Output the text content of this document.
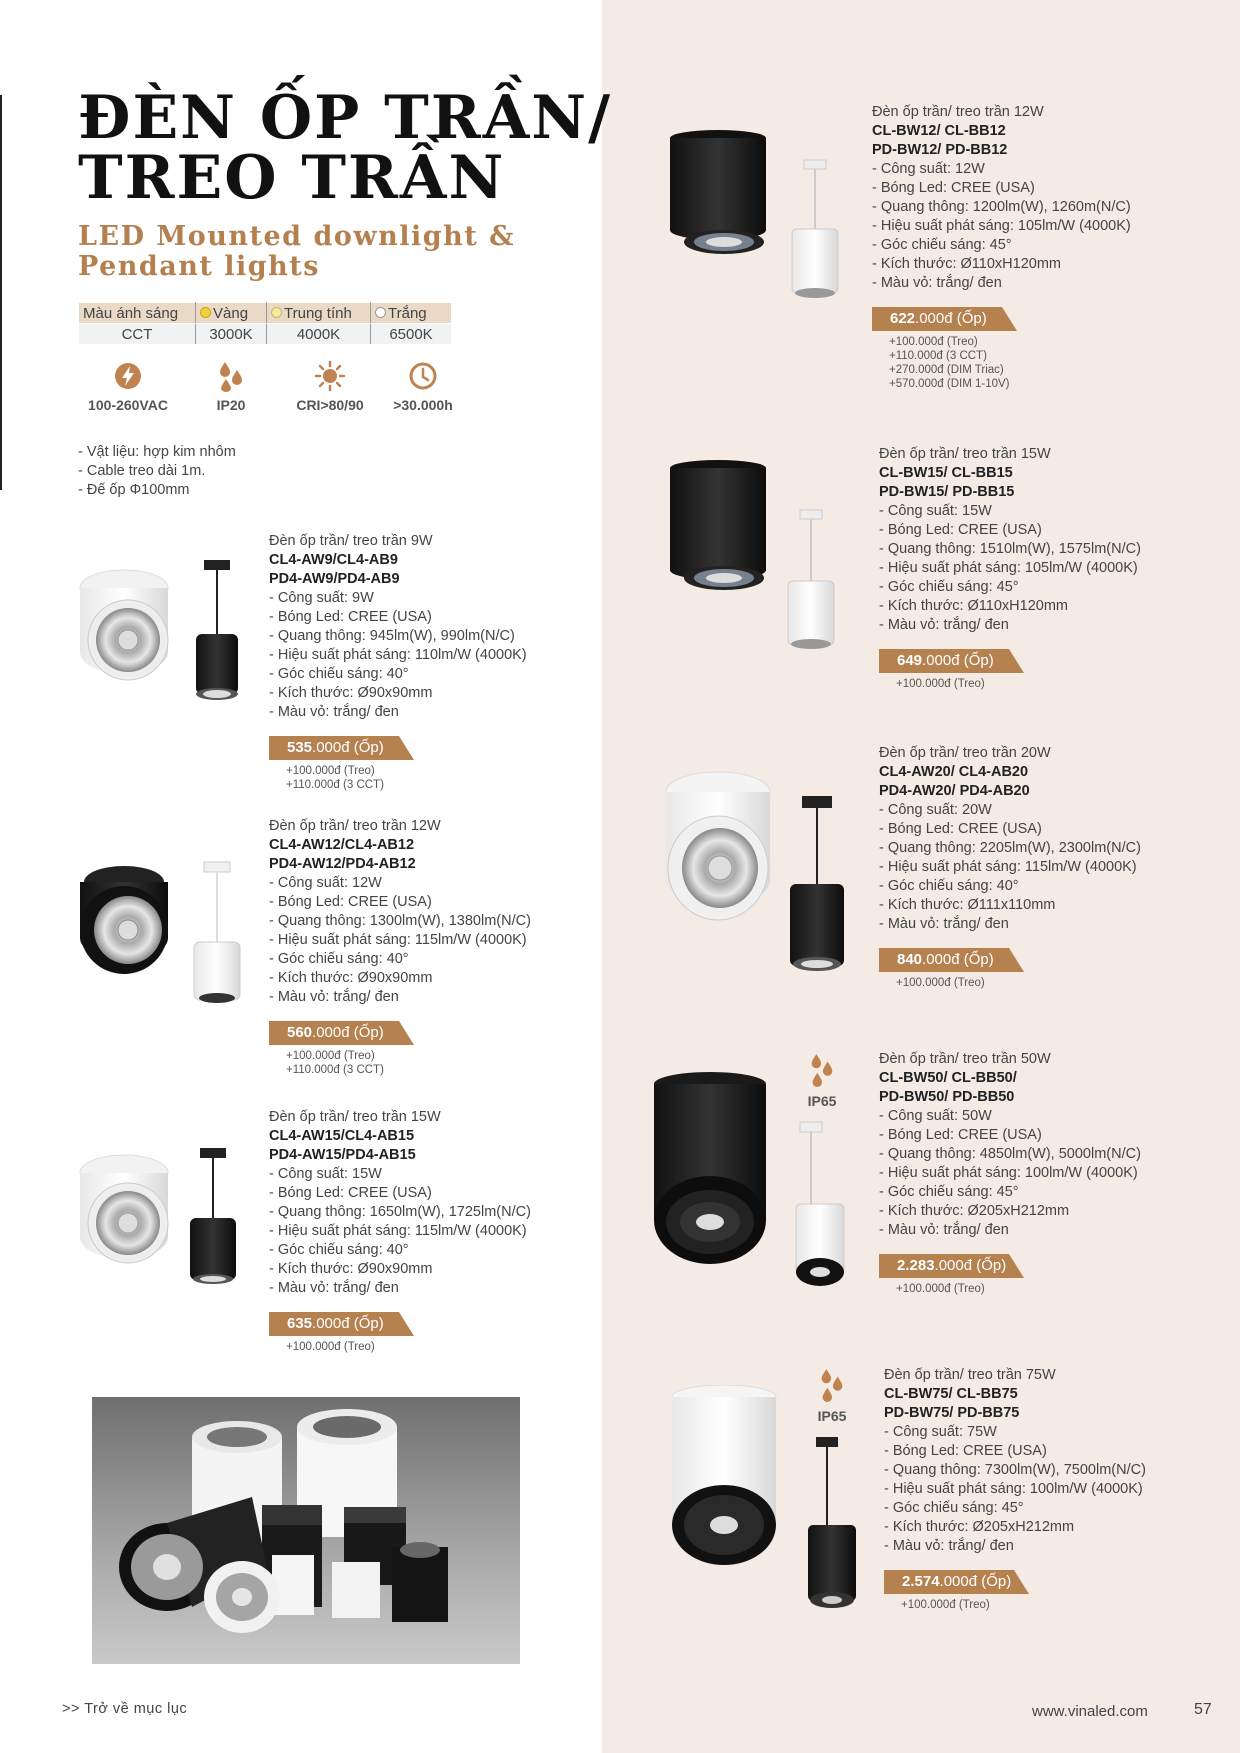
ĐÈN ỐP TRẦN/
TREO TRẦN
LED Mounted downlight &
Pendant lights
Màu ánh sáng	Vàng	Trung tính	Trắng
CCT	3000K	4000K	6500K
100-260VAC	IP20	CRI>80/90	>30.000h
- Vật liệu: hợp kim nhôm
- Cable treo dài 1m.
- Đế ốp Φ100mm
IP65
IP65
Đèn ốp trần/ treo trần 9W
CL4-AW9/CL4-AB9
PD4-AW9/PD4-AB9
- Công suất: 9W
- Bóng Led: CREE (USA)
- Quang thông: 945lm(W), 990lm(N/C)
- Hiệu suất phát sáng: 110lm/W (4000K)
- Góc chiếu sáng: 40°
- Kích thước: Ø90x90mm
- Màu vỏ: trắng/ đen
535.000đ (Ốp)
+100.000đ (Treo)
+110.000đ (3 CCT)
Đèn ốp trần/ treo trần 12W
CL4-AW12/CL4-AB12
PD4-AW12/PD4-AB12
- Công suất: 12W
- Bóng Led: CREE (USA)
- Quang thông: 1300lm(W), 1380lm(N/C)
- Hiệu suất phát sáng: 115lm/W (4000K)
- Góc chiếu sáng: 40°
- Kích thước: Ø90x90mm
- Màu vỏ: trắng/ đen
560.000đ (Ốp)
+100.000đ (Treo)
+110.000đ (3 CCT)
Đèn ốp trần/ treo trần 15W
CL4-AW15/CL4-AB15
PD4-AW15/PD4-AB15
- Công suất: 15W
- Bóng Led: CREE (USA)
- Quang thông: 1650lm(W), 1725lm(N/C)
- Hiệu suất phát sáng: 115lm/W (4000K)
- Góc chiếu sáng: 40°
- Kích thước: Ø90x90mm
- Màu vỏ: trắng/ đen
635.000đ (Ốp)
+100.000đ (Treo)
Đèn ốp trần/ treo trần 12W
CL-BW12/ CL-BB12
PD-BW12/ PD-BB12
- Công suất: 12W
- Bóng Led: CREE (USA)
- Quang thông: 1200lm(W), 1260m(N/C)
- Hiệu suất phát sáng: 105lm/W (4000K)
- Góc chiếu sáng: 45°
- Kích thước: Ø110xH120mm
- Màu vỏ: trắng/ đen
622.000đ (Ốp)
+100.000đ (Treo)
+110.000đ (3 CCT)
+270.000đ (DIM Triac)
+570.000đ (DIM 1-10V)
Đèn ốp trần/ treo trần 15W
CL-BW15/ CL-BB15
PD-BW15/ PD-BB15
- Công suất: 15W
- Bóng Led: CREE (USA)
- Quang thông: 1510lm(W), 1575lm(N/C)
- Hiệu suất phát sáng: 105lm/W (4000K)
- Góc chiếu sáng: 45°
- Kích thước: Ø110xH120mm
- Màu vỏ: trắng/ đen
649.000đ (Ốp)
+100.000đ (Treo)
Đèn ốp trần/ treo trần 20W
CL4-AW20/ CL4-AB20
PD4-AW20/ PD4-AB20
- Công suất: 20W
- Bóng Led: CREE (USA)
- Quang thông: 2205lm(W), 2300lm(N/C)
- Hiệu suất phát sáng: 115lm/W (4000K)
- Góc chiếu sáng: 40°
- Kích thước: Ø111x110mm
- Màu vỏ: trắng/ đen
840.000đ (Ốp)
+100.000đ (Treo)
Đèn ốp trần/ treo trần 50W
CL-BW50/ CL-BB50/
PD-BW50/ PD-BB50
- Công suất: 50W
- Bóng Led: CREE (USA)
- Quang thông: 4850lm(W), 5000lm(N/C)
- Hiệu suất phát sáng: 100lm/W (4000K)
- Góc chiếu sáng: 45°
- Kích thước: Ø205xH212mm
- Màu vỏ: trắng/ đen
2.283.000đ (Ốp)
+100.000đ (Treo)
Đèn ốp trần/ treo trần 75W
CL-BW75/ CL-BB75
PD-BW75/ PD-BB75
- Công suất: 75W
- Bóng Led: CREE (USA)
- Quang thông: 7300lm(W), 7500lm(N/C)
- Hiệu suất phát sáng: 100lm/W (4000K)
- Góc chiếu sáng: 45°
- Kích thước: Ø205xH212mm
- Màu vỏ: trắng/ đen
2.574.000đ (Ốp)
+100.000đ (Treo)
>> Trở về mục lục	www.vinaled.com	57
